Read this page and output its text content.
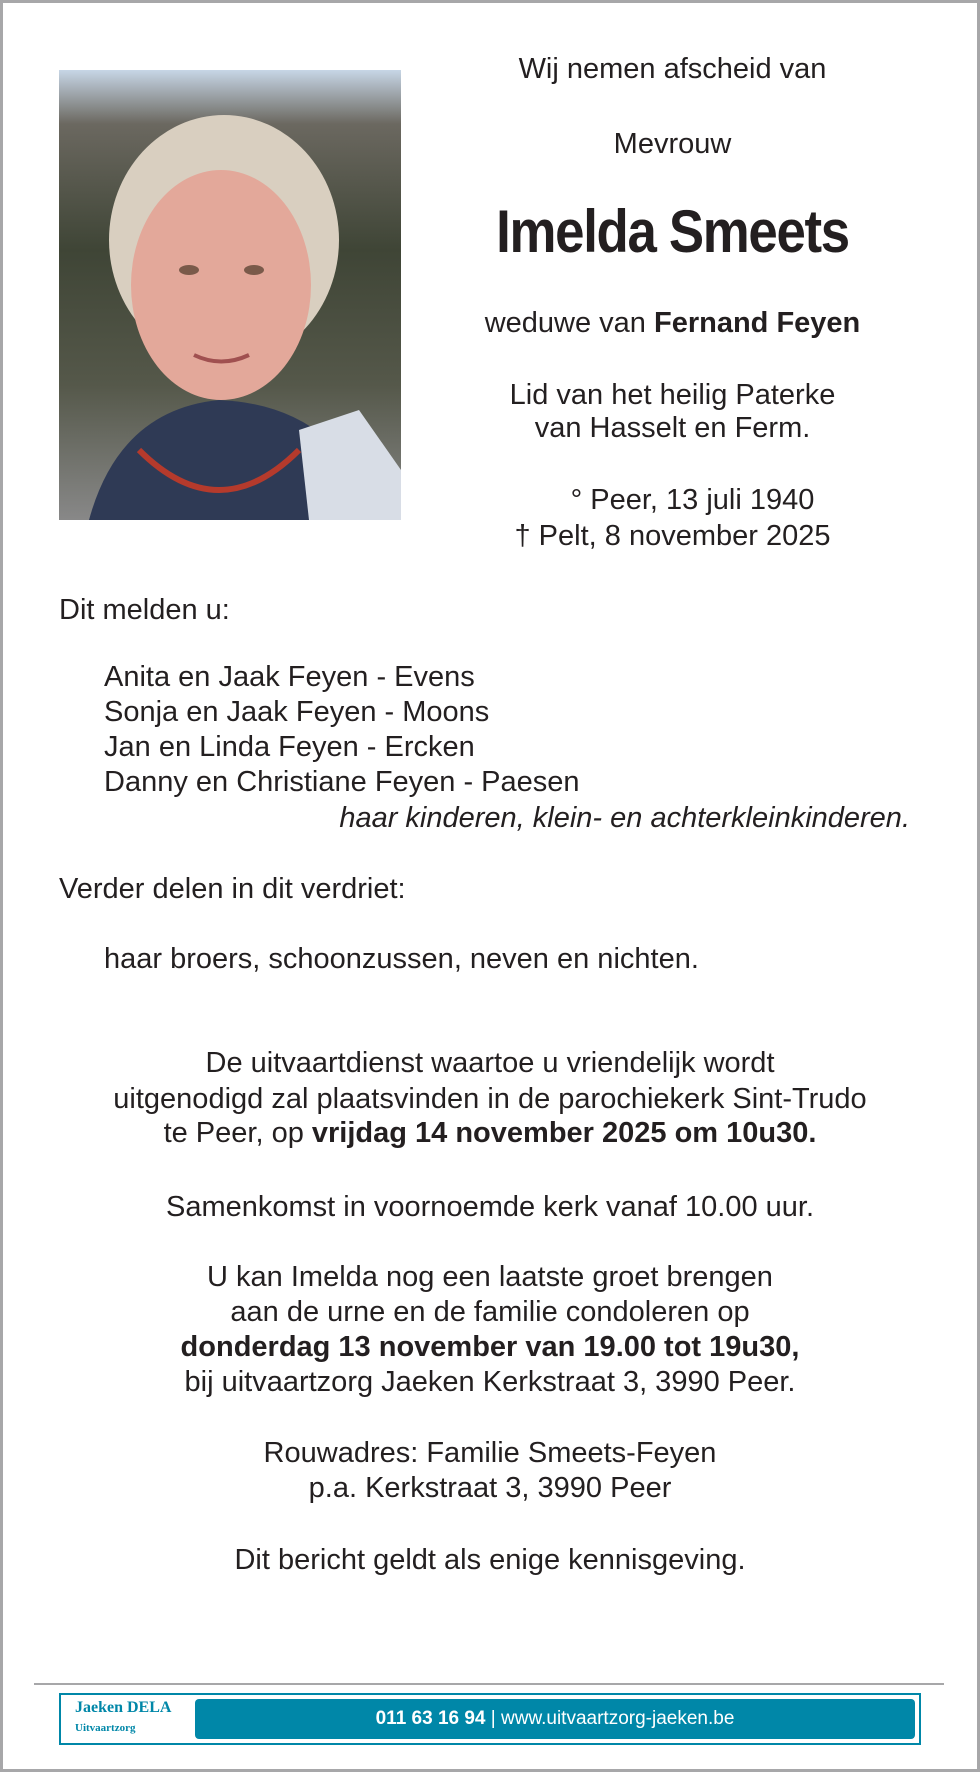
Wij nemen afscheid van
Mevrouw
Imelda Smeets
weduwe van Fernand Feyen
Lid van het heilig Paterke
van Hasselt en Ferm.
° Peer, 13 juli 1940
† Pelt, 8 november 2025
Dit melden u:
Anita en Jaak Feyen - Evens
Sonja en Jaak Feyen - Moons
Jan en Linda Feyen - Ercken
Danny en Christiane Feyen - Paesen
haar kinderen, klein- en achterkleinkinderen.
Verder delen in dit verdriet:
haar broers, schoonzussen, neven en nichten.
De uitvaartdienst waartoe u vriendelijk wordt
uitgenodigd zal plaatsvinden in de parochiekerk Sint-Trudo
te Peer, op vrijdag 14 november 2025 om 10u30.
Samenkomst in voornoemde kerk vanaf 10.00 uur.
U kan Imelda nog een laatste groet brengen
aan de urne en de familie condoleren op
donderdag 13 november van 19.00 tot 19u30,
bij uitvaartzorg Jaeken Kerkstraat 3, 3990 Peer.
Rouwadres: Familie Smeets-Feyen
p.a. Kerkstraat 3, 3990 Peer
Dit bericht geldt als enige kennisgeving.
Jaeken DELA
Uitvaartzorg	011 63 16 94 | www.uitvaartzorg-jaeken.be
